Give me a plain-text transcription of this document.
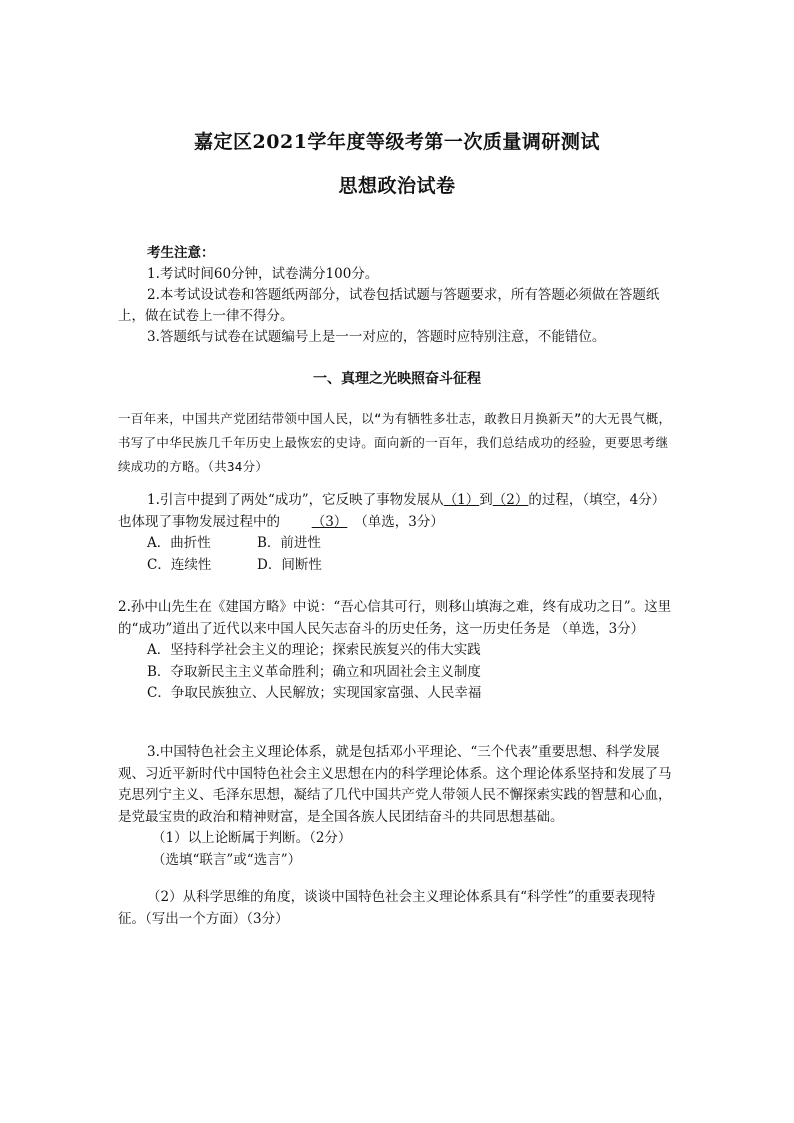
嘉定区2021学年度等级考第一次质量调研测试
思想政治试卷
考生注意：
1.考试时间60分钟，试卷满分100分。
2.本考试设试卷和答题纸两部分，试卷包括试题与答题要求，所有答题必须做在答题纸上，做在试卷上一律不得分。
3.答题纸与试卷在试题编号上是一一对应的，答题时应特别注意，不能错位。
一、真理之光映照奋斗征程
一百年来，中国共产党团结带领中国人民，以“为有牺牲多壮志，敢教日月换新天”的大无畏气概，书写了中华民族几千年历史上最恢宏的史诗。面向新的一百年，我们总结成功的经验，更要思考继续成功的方略。（共34分）
1.引言中提到了两处“成功”，它反映了事物发展从（1）到（2）的过程，（填空，4分）也体现了事物发展过程中的 （3） （单选，3分）
A．曲折性	B．前进性
C．连续性	D．间断性
2.孙中山先生在《建国方略》中说：“吾心信其可行，则移山填海之难，终有成功之日”。这里的“成功”道出了近代以来中国人民矢志奋斗的历史任务，这一历史任务是 （单选，3分）
A．坚持科学社会主义的理论；探索民族复兴的伟大实践
B．夺取新民主主义革命胜利；确立和巩固社会主义制度
C．争取民族独立、人民解放；实现国家富强、人民幸福
3.中国特色社会主义理论体系，就是包括邓小平理论、“三个代表”重要思想、科学发展观、习近平新时代中国特色社会主义思想在内的科学理论体系。这个理论体系坚持和发展了马克思列宁主义、毛泽东思想，凝结了几代中国共产党人带领人民不懈探索实践的智慧和心血，是党最宝贵的政治和精神财富，是全国各族人民团结奋斗的共同思想基础。
（1）以上论断属于判断。（2分）
（选填“联言”或“选言”）
（2）从科学思维的角度，谈谈中国特色社会主义理论体系具有“科学性”的重要表现特征。（写出一个方面）（3分）
